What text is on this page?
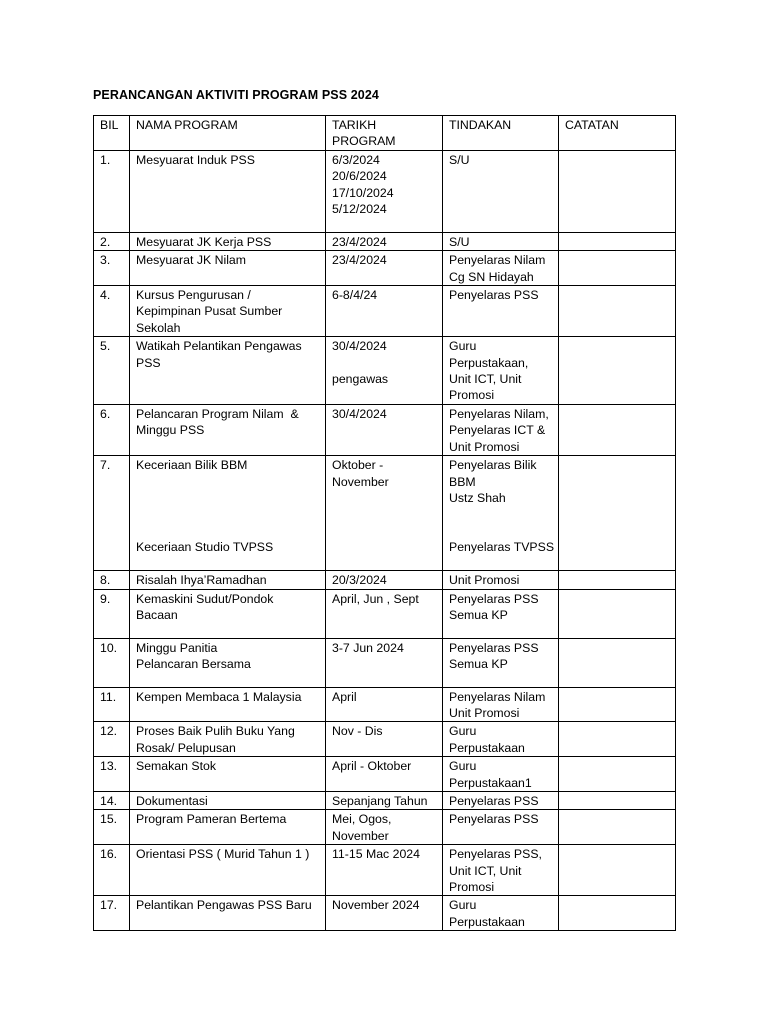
PERANCANGAN AKTIVITI PROGRAM PSS 2024
BIL	NAMA PROGRAM	TARIKH
PROGRAM	TINDAKAN	CATATAN
1.	Mesyuarat Induk PSS	6/3/2024
20/6/2024
17/10/2024
5/12/2024	S/U	

2.	Mesyuarat JK Kerja PSS	23/4/2024	S/U	

3.	Mesyuarat JK Nilam	23/4/2024	Penyelaras Nilam
Cg SN Hidayah	

4.	Kursus Pengurusan /
Kepimpinan Pusat Sumber
Sekolah	6-8/4/24	Penyelaras PSS	

5.	Watikah Pelantikan Pengawas
PSS	30/4/2024
pengawas	Guru
Perpustakaan,
Unit ICT, Unit
Promosi	

6.	Pelancaran Program Nilam  &
Minggu PSS	30/4/2024	Penyelaras Nilam,
Penyelaras ICT &
Unit Promosi	

7.	Keceriaan Bilik BBM
Keceriaan Studio TVPSS	Oktober -
November	Penyelaras Bilik
BBM
Ustz Shah
Penyelaras TVPSS	

8.	Risalah Ihya’Ramadhan	20/3/2024	Unit Promosi	

9.	Kemaskini Sudut/Pondok
Bacaan	April, Jun , Sept	Penyelaras PSS
Semua KP	

10.	Minggu Panitia
Pelancaran Bersama	3-7 Jun 2024	Penyelaras PSS
Semua KP	

11.	Kempen Membaca 1 Malaysia	April	Penyelaras Nilam
Unit Promosi	

12.	Proses Baik Pulih Buku Yang
Rosak/ Pelupusan	Nov - Dis	Guru
Perpustakaan	

13.	Semakan Stok	April - Oktober	Guru
Perpustakaan1	

14.	Dokumentasi	Sepanjang Tahun	Penyelaras PSS	

15.	Program Pameran Bertema	Mei, Ogos,
November	Penyelaras PSS	

16.	Orientasi PSS ( Murid Tahun 1 )	11-15 Mac 2024	Penyelaras PSS,
Unit ICT, Unit
Promosi	

17.	Pelantikan Pengawas PSS Baru	November 2024	Guru
Perpustakaan	
